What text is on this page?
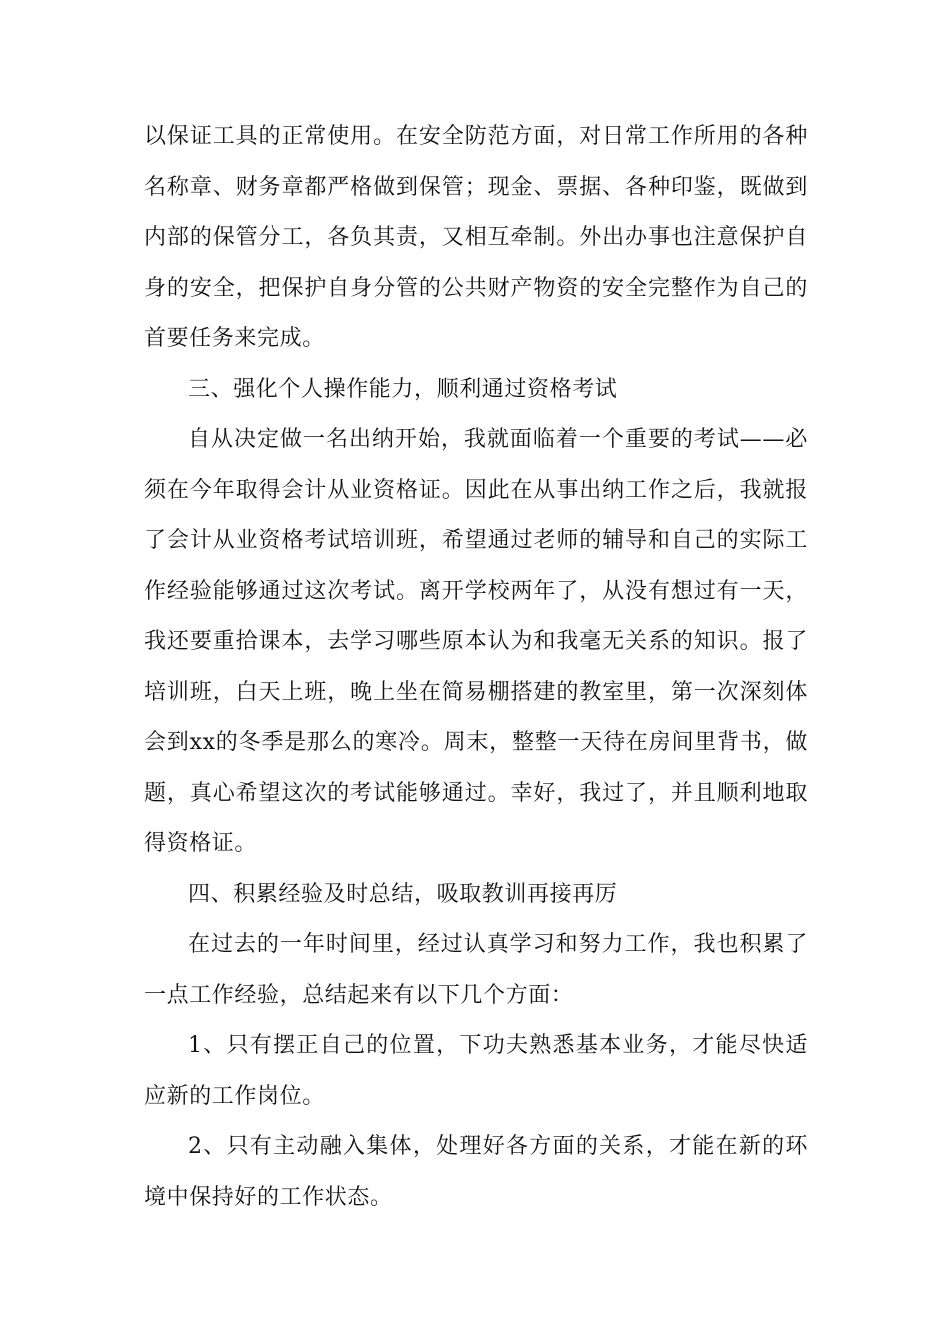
以保证工具的正常使用。在安全防范方面，对日常工作所用的各种名称章、财务章都严格做到保管；现金、票据、各种印鉴，既做到内部的保管分工，各负其责，又相互牵制。外出办事也注意保护自身的安全，把保护自身分管的公共财产物资的安全完整作为自己的首要任务来完成。

三、强化个人操作能力，顺利通过资格考试

自从决定做一名出纳开始，我就面临着一个重要的考试——必须在今年取得会计从业资格证。因此在从事出纳工作之后，我就报了会计从业资格考试培训班，希望通过老师的辅导和自己的实际工作经验能够通过这次考试。离开学校两年了，从没有想过有一天，我还要重拾课本，去学习哪些原本认为和我毫无关系的知识。报了培训班，白天上班，晚上坐在简易棚搭建的教室里，第一次深刻体会到xx的冬季是那么的寒冷。周末，整整一天待在房间里背书，做题，真心希望这次的考试能够通过。幸好，我过了，并且顺利地取得资格证。

四、积累经验及时总结，吸取教训再接再厉

在过去的一年时间里，经过认真学习和努力工作，我也积累了一点工作经验，总结起来有以下几个方面：

1、只有摆正自己的位置，下功夫熟悉基本业务，才能尽快适应新的工作岗位。

2、只有主动融入集体，处理好各方面的关系，才能在新的环境中保持好的工作状态。
